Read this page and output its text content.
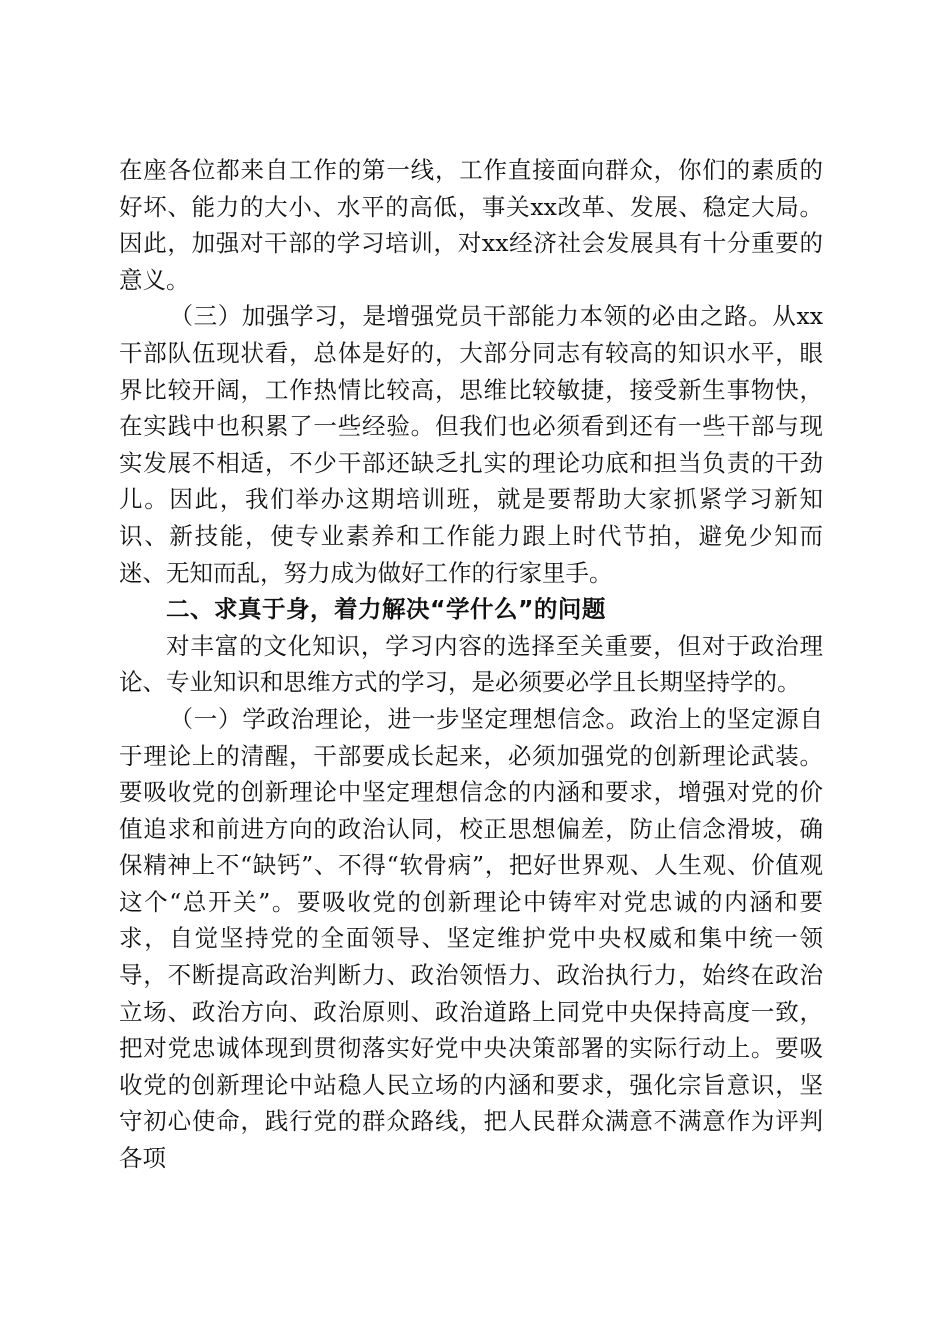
在座各位都来自工作的第一线，工作直接面向群众，你们的素质的好坏、能力的大小、水平的高低，事关xx改革、发展、稳定大局。因此，加强对干部的学习培训，对xx经济社会发展具有十分重要的意义。

（三）加强学习，是增强党员干部能力本领的必由之路。从xx干部队伍现状看，总体是好的，大部分同志有较高的知识水平，眼界比较开阔，工作热情比较高，思维比较敏捷，接受新生事物快，在实践中也积累了一些经验。但我们也必须看到还有一些干部与现实发展不相适，不少干部还缺乏扎实的理论功底和担当负责的干劲儿。因此，我们举办这期培训班，就是要帮助大家抓紧学习新知识、新技能，使专业素养和工作能力跟上时代节拍，避免少知而迷、无知而乱，努力成为做好工作的行家里手。

二、求真于身，着力解决“学什么”的问题

对丰富的文化知识，学习内容的选择至关重要，但对于政治理论、专业知识和思维方式的学习，是必须要必学且长期坚持学的。

（一）学政治理论，进一步坚定理想信念。政治上的坚定源自于理论上的清醒，干部要成长起来，必须加强党的创新理论武装。要吸收党的创新理论中坚定理想信念的内涵和要求，增强对党的价值追求和前进方向的政治认同，校正思想偏差，防止信念滑坡，确保精神上不“缺钙”、不得“软骨病”，把好世界观、人生观、价值观这个“总开关”。要吸收党的创新理论中铸牢对党忠诚的内涵和要求，自觉坚持党的全面领导、坚定维护党中央权威和集中统一领导，不断提高政治判断力、政治领悟力、政治执行力，始终在政治立场、政治方向、政治原则、政治道路上同党中央保持高度一致，把对党忠诚体现到贯彻落实好党中央决策部署的实际行动上。要吸收党的创新理论中站稳人民立场的内涵和要求，强化宗旨意识，坚守初心使命，践行党的群众路线，把人民群众满意不满意作为评判各项
